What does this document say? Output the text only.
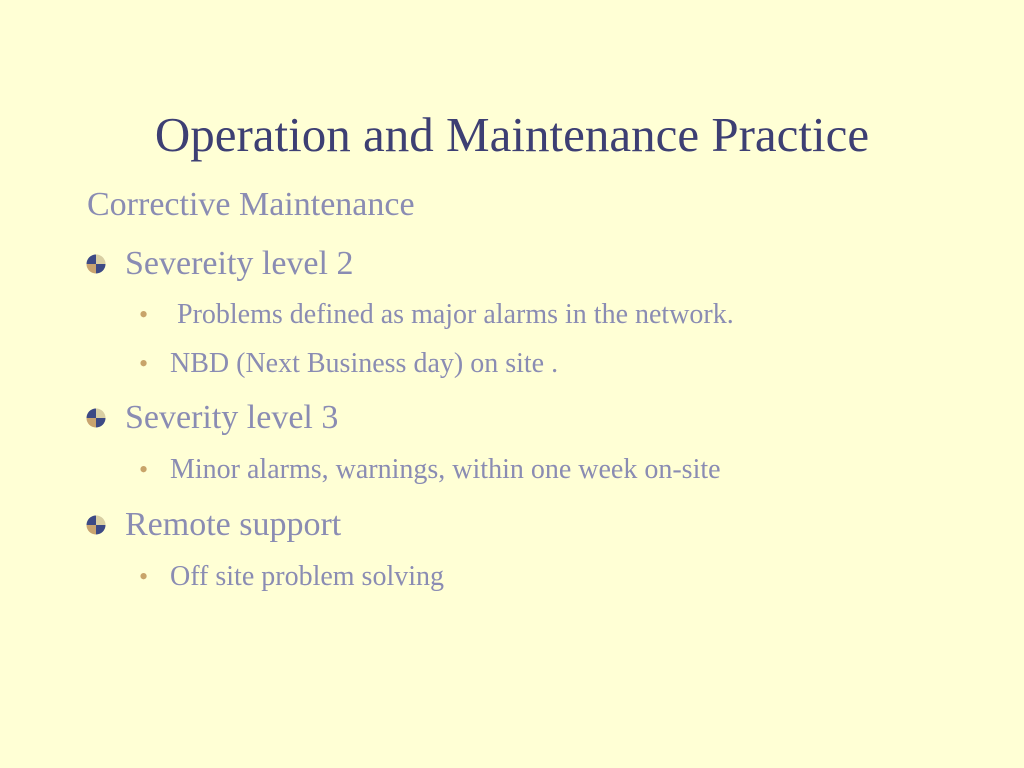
Operation and Maintenance Practice
Corrective Maintenance
Severeity level 2
• Problems defined as major alarms in the network.
• NBD (Next Business day) on site .
Severity level 3
• Minor alarms, warnings, within one week on-site
Remote support
• Off site problem solving
